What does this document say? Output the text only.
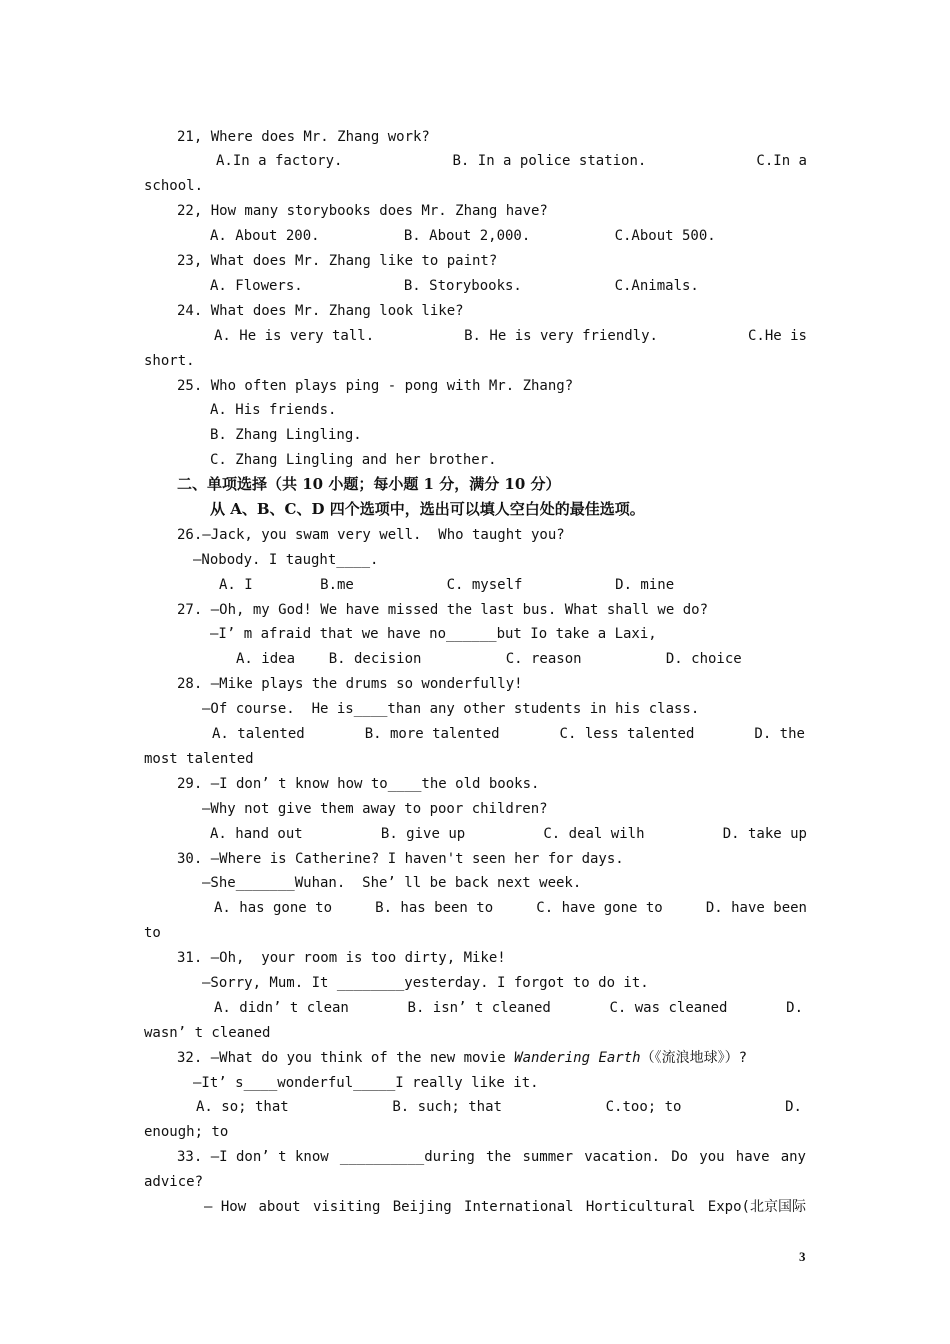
21, Where does Mr. Zhang work?
A.In a factory.	B. In a police station.	C.In a
school.
22, How many storybooks does Mr. Zhang have?
A. About 200.          B. About 2,000.          C.About 500.
23, What does Mr. Zhang like to paint?
A. Flowers.            B. Storybooks.           C.Animals.
24. What does Mr. Zhang look like?
A. He is very tall.	B. He is very friendly.	C.He is
short.
25. Who often plays ping - pong with Mr. Zhang?
A. His friends.
B. Zhang Lingling.
C. Zhang Lingling and her brother.
二、单项选择（共 10 小题；每小题 1 分，满分 10 分）
从 A、B、C、D 四个选项中，选出可以填人空白处的最佳选项。
26.—Jack, you swam very well.  Who taught you?
—Nobody. I taught____.
A. I        B.me           C. myself           D. mine
27. —Oh, my God! We have missed the last bus. What shall we do?
—I’ m afraid that we have no______but Io take a Laxi,
A. idea    B. decision          C. reason          D. choice
28. —Mike plays the drums so wonderfully!
—Of course.  He is____than any other students in his class.
A. talented	B. more talented	C. less talented	D. the
most talented
29. —I don’ t know how to____the old books.
—Why not give them away to poor children?
A. hand out	B. give up	C. deal wilh	D. take up
30. —Where is Catherine? I haven't seen her for days.
—She_______Wuhan.  She’ ll be back next week.
A. has gone to	B. has been to	C. have gone to	D. have been
to
31. —Oh,  your room is too dirty, Mike!
—Sorry, Mum. It ________yesterday. I forgot to do it.
A. didn’ t clean	B. isn’ t cleaned	C. was cleaned	D.
wasn’ t cleaned
32. —What do you think of the new movie Wandering Earth（《流浪地球》）?
—It’ s____wonderful_____I really like it.
A. so; that	B. such; that	C.too; to	D.
enough; to
33. —I don’ t know __________during the summer vacation. Do you have any
advice?
— How about visiting Beijing International Horticultural Expo(北京国际
3
